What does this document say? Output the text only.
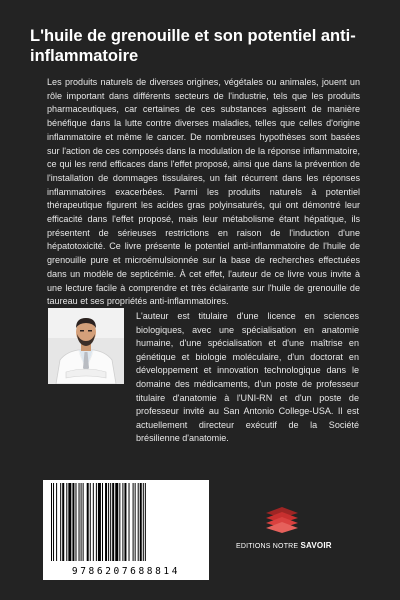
L'huile de grenouille et son potentiel anti-inflammatoire

Les produits naturels de diverses origines, végétales ou animales, jouent un rôle important dans différents secteurs de l'industrie, tels que les produits pharmaceutiques, car certaines de ces substances agissent de manière bénéfique dans la lutte contre diverses maladies, telles que celles d'origine inflammatoire et même le cancer. De nombreuses hypothèses sont basées sur l'action de ces composés dans la modulation de la réponse inflammatoire, ce qui les rend efficaces dans l'effet proposé, ainsi que dans la prévention de l'installation de dommages tissulaires, un fait récurrent dans les réponses inflammatoires exacerbées. Parmi les produits naturels à potentiel thérapeutique figurent les acides gras polyinsaturés, qui ont démontré leur efficacité dans l'effet proposé, mais leur métabolisme étant hépatique, ils présentent de sérieuses restrictions en raison de l'induction d'une hépatotoxicité. Ce livre présente le potentiel anti-inflammatoire de l'huile de grenouille pure et microémulsionnée sur la base de recherches effectuées dans un modèle de septicémie. À cet effet, l'auteur de ce livre vous invite à une lecture facile à comprendre et très éclairante sur l'huile de grenouille de taureau et ses propriétés anti-inflammatoires.

L'auteur est titulaire d'une licence en sciences biologiques, avec une spécialisation en anatomie humaine, d'une spécialisation et d'une maîtrise en génétique et biologie moléculaire, d'un doctorat en développement et innovation technologique dans le domaine des médicaments, d'un poste de professeur titulaire d'anatomie à l'UNI-RN et d'un poste de professeur invité au San Antonio College-USA. Il est actuellement directeur exécutif de la Société brésilienne d'anatomie.

9786207688814
EDITIONS NOTRE SAVOIR
